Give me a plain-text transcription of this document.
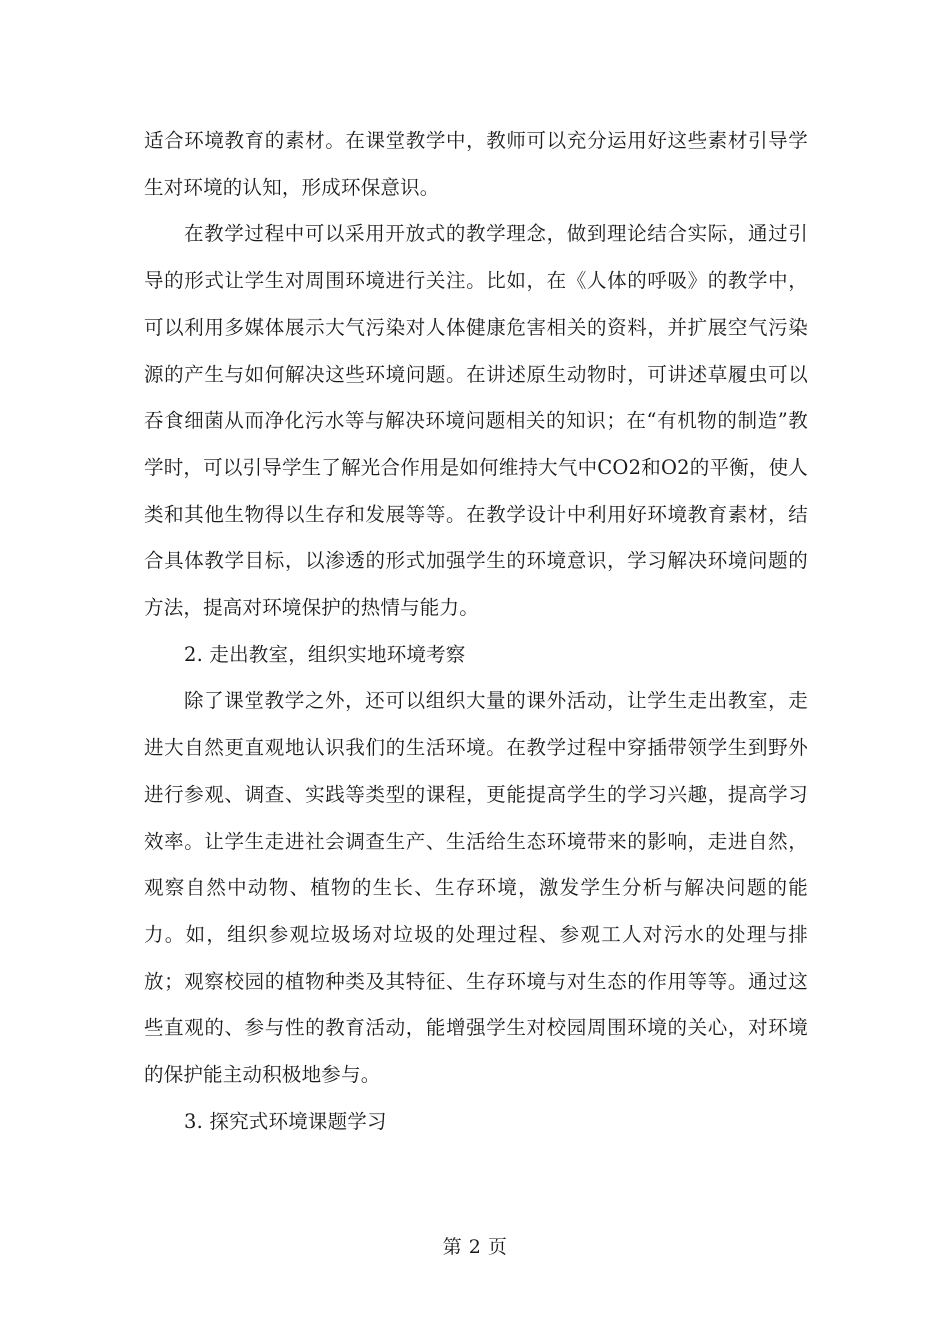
适合环境教育的素材。在课堂教学中，教师可以充分运用好这些素材引导学生对环境的认知，形成环保意识。

在教学过程中可以采用开放式的教学理念，做到理论结合实际，通过引导的形式让学生对周围环境进行关注。比如，在《人体的呼吸》的教学中，可以利用多媒体展示大气污染对人体健康危害相关的资料，并扩展空气污染源的产生与如何解决这些环境问题。在讲述原生动物时，可讲述草履虫可以吞食细菌从而净化污水等与解决环境问题相关的知识；在“有机物的制造”教学时，可以引导学生了解光合作用是如何维持大气中CO2和O2的平衡，使人类和其他生物得以生存和发展等等。在教学设计中利用好环境教育素材，结合具体教学目标，以渗透的形式加强学生的环境意识，学习解决环境问题的方法，提高对环境保护的热情与能力。

2. 走出教室，组织实地环境考察

除了课堂教学之外，还可以组织大量的课外活动，让学生走出教室，走进大自然更直观地认识我们的生活环境。在教学过程中穿插带领学生到野外进行参观、调查、实践等类型的课程，更能提高学生的学习兴趣，提高学习效率。让学生走进社会调查生产、生活给生态环境带来的影响，走进自然，观察自然中动物、植物的生长、生存环境，激发学生分析与解决问题的能力。如，组织参观垃圾场对垃圾的处理过程、参观工人对污水的处理与排放；观察校园的植物种类及其特征、生存环境与对生态的作用等等。通过这些直观的、参与性的教育活动，能增强学生对校园周围环境的关心，对环境的保护能主动积极地参与。

3. 探究式环境课题学习

第 2 页
